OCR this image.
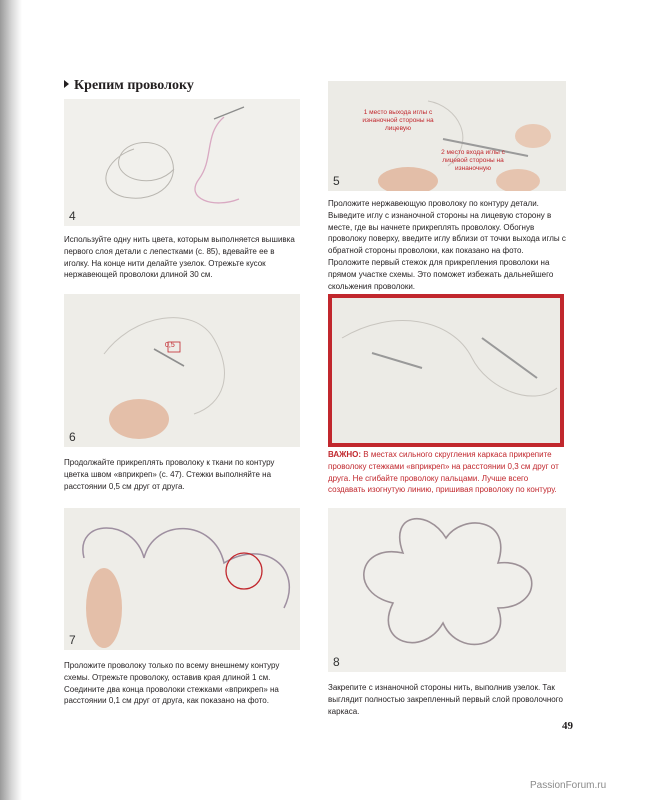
Крепим проволоку
4
1 место выхода иглы с изнаночной стороны на лицевую
2 место входа иглы с лицевой стороны на изнаночную
5
0,5
6
7
8
Используйте одну нить цвета, которым выполняется вышивка первого слоя детали с лепестками (с. 85), вдевайте ее в иголку. На конце нити делайте узелок. Отрежьте кусок нержавеющей проволоки длиной 30 см.
Проложите нержавеющую проволоку по контуру детали. Выведите иглу с изнаночной стороны на лицевую сторону в месте, где вы начнете прикреплять проволоку. Обогнув проволоку поверху, введите иглу вблизи от точки выхода иглы с обратной стороны проволоки, как показано на фото. Проложите первый стежок для прикрепления проволоки на прямом участке схемы. Это поможет избежать дальнейшего скольжения проволоки.
Продолжайте прикреплять проволоку к ткани по контуру цветка швом «вприкреп» (с. 47). Стежки выполняйте на расстоянии 0,5 см друг от друга.
ВАЖНО: В местах сильного скругления каркаса прикрепите проволоку стежками «вприкреп» на расстоянии 0,3 см друг от друга. Не сгибайте проволоку пальцами. Лучше всего создавать изогнутую линию, пришивая проволоку по контуру.
Проложите проволоку только по всему внешнему контуру схемы. Отрежьте проволоку, оставив края длиной 1 см. Соедините два конца проволоки стежками «вприкреп» на расстоянии 0,1 см друг от друга, как показано на фото.
Закрепите с изнаночной стороны нить, выполнив узелок. Так выглядит полностью закрепленный первый слой проволочного каркаса.
49
PassionForum.ru
